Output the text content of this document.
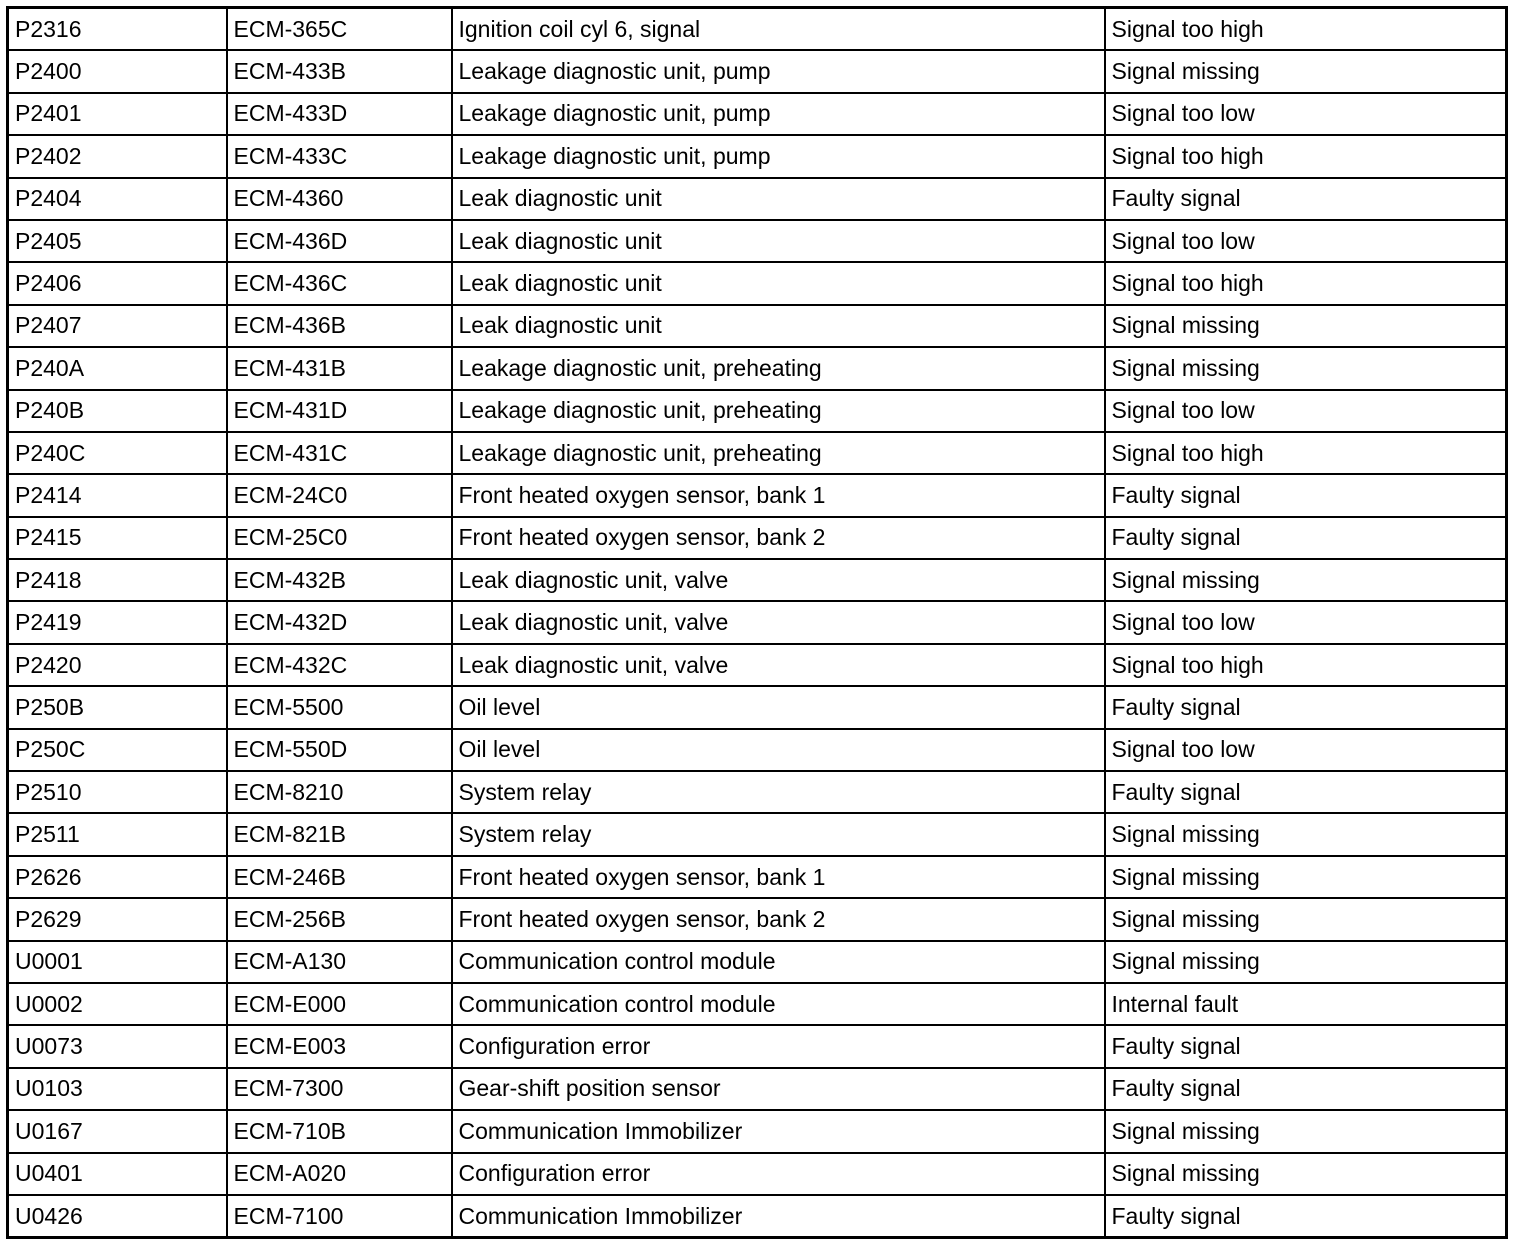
P2316	ECM-365C	Ignition coil cyl 6, signal	Signal too high
P2400	ECM-433B	Leakage diagnostic unit, pump	Signal missing
P2401	ECM-433D	Leakage diagnostic unit, pump	Signal too low
P2402	ECM-433C	Leakage diagnostic unit, pump	Signal too high
P2404	ECM-4360	Leak diagnostic unit	Faulty signal
P2405	ECM-436D	Leak diagnostic unit	Signal too low
P2406	ECM-436C	Leak diagnostic unit	Signal too high
P2407	ECM-436B	Leak diagnostic unit	Signal missing
P240A	ECM-431B	Leakage diagnostic unit, preheating	Signal missing
P240B	ECM-431D	Leakage diagnostic unit, preheating	Signal too low
P240C	ECM-431C	Leakage diagnostic unit, preheating	Signal too high
P2414	ECM-24C0	Front heated oxygen sensor, bank 1	Faulty signal
P2415	ECM-25C0	Front heated oxygen sensor, bank 2	Faulty signal
P2418	ECM-432B	Leak diagnostic unit, valve	Signal missing
P2419	ECM-432D	Leak diagnostic unit, valve	Signal too low
P2420	ECM-432C	Leak diagnostic unit, valve	Signal too high
P250B	ECM-5500	Oil level	Faulty signal
P250C	ECM-550D	Oil level	Signal too low
P2510	ECM-8210	System relay	Faulty signal
P2511	ECM-821B	System relay	Signal missing
P2626	ECM-246B	Front heated oxygen sensor, bank 1	Signal missing
P2629	ECM-256B	Front heated oxygen sensor, bank 2	Signal missing
U0001	ECM-A130	Communication control module	Signal missing
U0002	ECM-E000	Communication control module	Internal fault
U0073	ECM-E003	Configuration error	Faulty signal
U0103	ECM-7300	Gear-shift position sensor	Faulty signal
U0167	ECM-710B	Communication Immobilizer	Signal missing
U0401	ECM-A020	Configuration error	Signal missing
U0426	ECM-7100	Communication Immobilizer	Faulty signal
